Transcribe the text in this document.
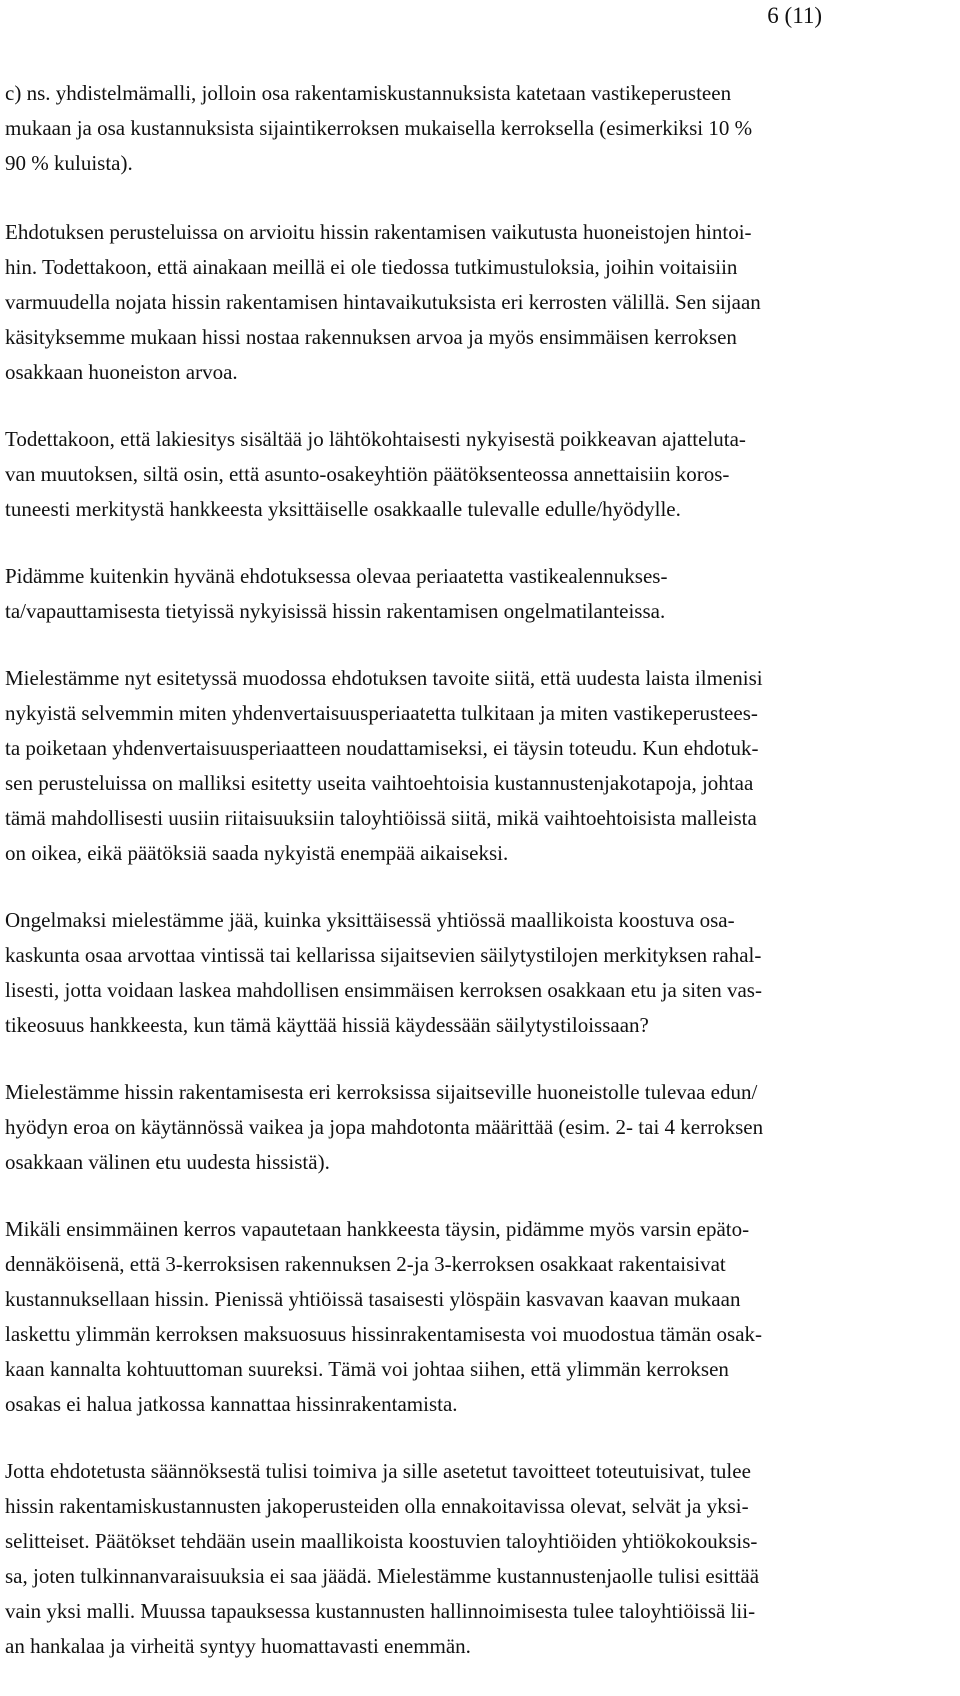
6 (11)
c) ns. yhdistelmämalli, jolloin osa rakentamiskustannuksista katetaan vastikeperusteen
mukaan ja osa kustannuksista sijaintikerroksen mukaisella kerroksella (esimerkiksi 10 %
90 % kuluista).
Ehdotuksen perusteluissa on arvioitu hissin rakentamisen vaikutusta huoneistojen hintoi-
hin. Todettakoon, että ainakaan meillä ei ole tiedossa tutkimustuloksia, joihin voitaisiin
varmuudella nojata hissin rakentamisen hintavaikutuksista eri kerrosten välillä. Sen sijaan
käsityksemme mukaan hissi nostaa rakennuksen arvoa ja myös ensimmäisen kerroksen
osakkaan huoneiston arvoa.
Todettakoon, että lakiesitys sisältää jo lähtökohtaisesti nykyisestä poikkeavan ajatteluta-
van muutoksen, siltä osin, että asunto-osakeyhtiön päätöksenteossa annettaisiin koros-
tuneesti merkitystä hankkeesta yksittäiselle osakkaalle tulevalle edulle/hyödylle.
Pidämme kuitenkin hyvänä ehdotuksessa olevaa periaatetta vastikealennukses-
ta/vapauttamisesta tietyissä nykyisissä hissin rakentamisen ongelmatilanteissa.
Mielestämme nyt esitetyssä muodossa ehdotuksen tavoite siitä, että uudesta laista ilmenisi
nykyistä selvemmin miten yhdenvertaisuusperiaatetta tulkitaan ja miten vastikeperustees-
ta poiketaan yhdenvertaisuusperiaatteen noudattamiseksi, ei täysin toteudu. Kun ehdotuk-
sen perusteluissa on malliksi esitetty useita vaihtoehtoisia kustannustenjakotapoja, johtaa
tämä mahdollisesti uusiin riitaisuuksiin taloyhtiöissä siitä, mikä vaihtoehtoisista malleista
on oikea, eikä päätöksiä saada nykyistä enempää aikaiseksi.
Ongelmaksi mielestämme jää, kuinka yksittäisessä yhtiössä maallikoista koostuva osa-
kaskunta osaa arvottaa vintissä tai kellarissa sijaitsevien säilytystilojen merkityksen rahal-
lisesti, jotta voidaan laskea mahdollisen ensimmäisen kerroksen osakkaan etu ja siten vas-
tikeosuus hankkeesta, kun tämä käyttää hissiä käydessään säilytystiloissaan?
Mielestämme hissin rakentamisesta eri kerroksissa sijaitseville huoneistolle tulevaa edun/
hyödyn eroa on käytännössä vaikea ja jopa mahdotonta määrittää (esim. 2- tai 4 kerroksen
osakkaan välinen etu uudesta hissistä).
Mikäli ensimmäinen kerros vapautetaan hankkeesta täysin, pidämme myös varsin epäto-
dennäköisenä, että 3-kerroksisen rakennuksen 2-ja 3-kerroksen osakkaat rakentaisivat
kustannuksellaan hissin. Pienissä yhtiöissä tasaisesti ylöspäin kasvavan kaavan mukaan
laskettu ylimmän kerroksen maksuosuus hissinrakentamisesta voi muodostua tämän osak-
kaan kannalta kohtuuttoman suureksi. Tämä voi johtaa siihen, että ylimmän kerroksen
osakas ei halua jatkossa kannattaa hissinrakentamista.
Jotta ehdotetusta säännöksestä tulisi toimiva ja sille asetetut tavoitteet toteutuisivat, tulee
hissin rakentamiskustannusten jakoperusteiden olla ennakoitavissa olevat, selvät ja yksi-
selitteiset. Päätökset tehdään usein maallikoista koostuvien taloyhtiöiden yhtiökokouksis-
sa, joten tulkinnanvaraisuuksia ei saa jäädä. Mielestämme kustannustenjaolle tulisi esittää
vain yksi malli. Muussa tapauksessa kustannusten hallinnoimisesta tulee taloyhtiöissä lii-
an hankalaa ja virheitä syntyy huomattavasti enemmän.
